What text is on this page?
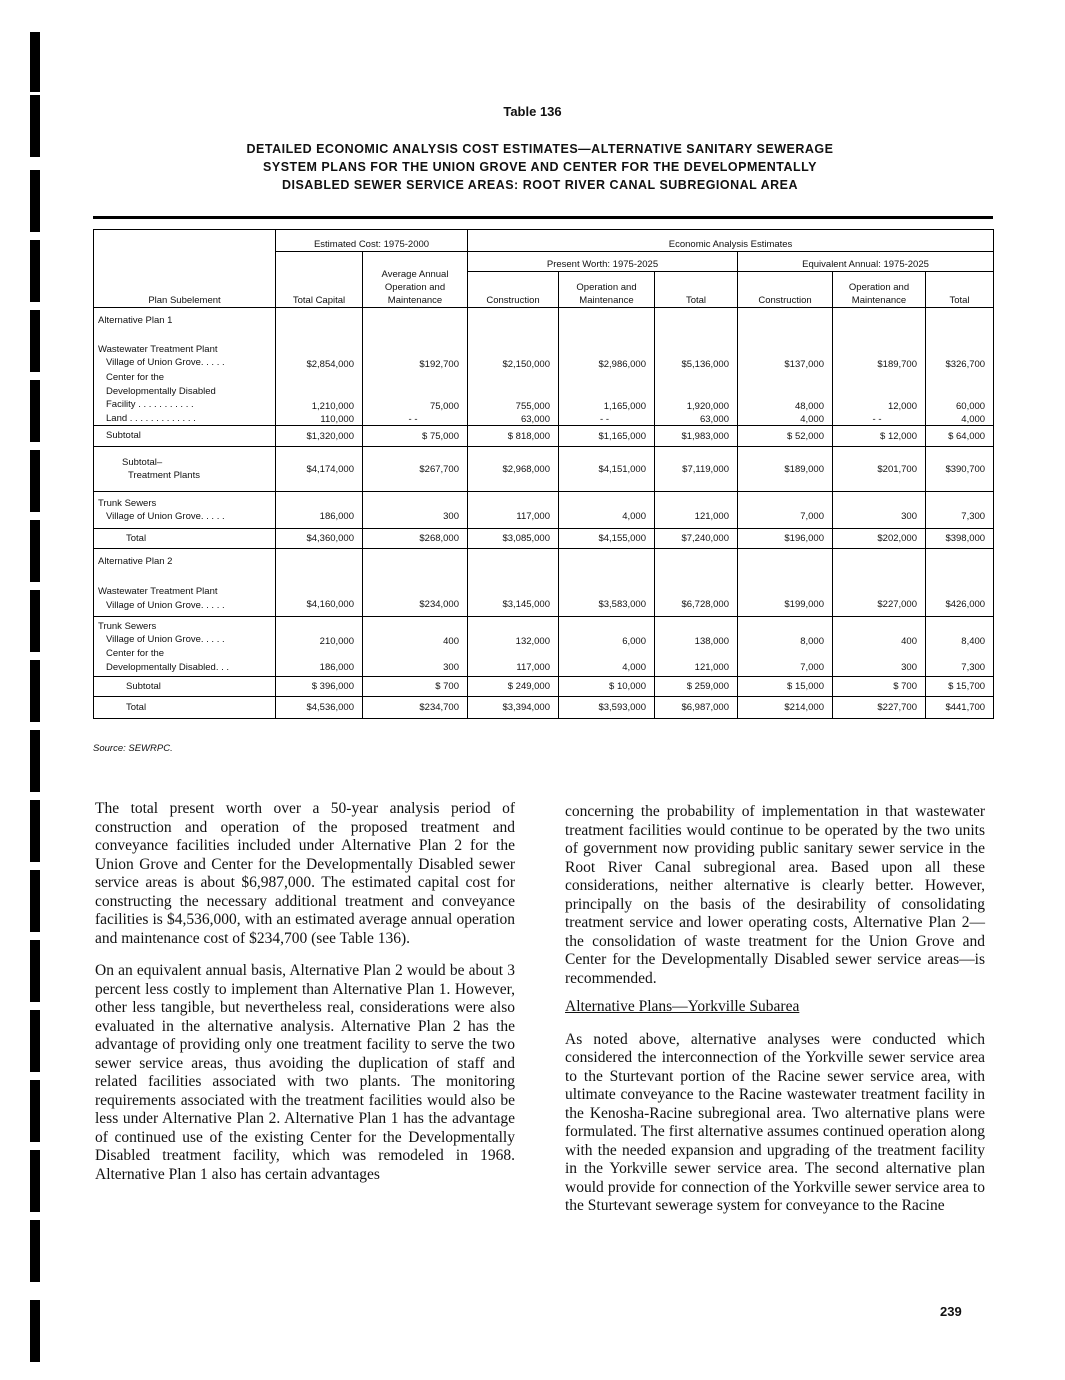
Table 136
DETAILED ECONOMIC ANALYSIS COST ESTIMATES—ALTERNATIVE SANITARY SEWERAGE
SYSTEM PLANS FOR THE UNION GROVE AND CENTER FOR THE DEVELOPMENTALLY
DISABLED SEWER SERVICE AREAS: ROOT RIVER CANAL SUBREGIONAL AREA
Plan Subelement	Estimated Cost: 1975-2000		Economic Analysis Estimates					
	Total Capital	Average Annual Operation and Maintenance	Present Worth: 1975-2025			Equivalent Annual: 1975-2025		
			Construction	Operation and Maintenance	Total	Construction	Operation and Maintenance	Total
Alternative Plan 1								
Wastewater Treatment Plant
Village of Union Grove. . . . .	$2,854,000	$192,700	$2,150,000	$2,986,000	$5,136,000	$137,000	$189,700	$326,700

Center for the
Developmentally Disabled
Facility . . . . . . . . . . .	1,210,000	75,000	755,000	1,165,000	1,920,000	48,000	12,000	60,000

Land . . . . . . . . . . . . .	110,000	- -	63,000	- -	63,000	4,000	- -	4,000

Subtotal	$1,320,000	$ 75,000	$ 818,000	$1,165,000	$1,983,000	$ 52,000	$ 12,000	$ 64,000

Subtotal–
Treatment Plants	$4,174,000	$267,700	$2,968,000	$4,151,000	$7,119,000	$189,000	$201,700	$390,700
Trunk Sewers
Village of Union Grove. . . . .	186,000	300	117,000	4,000	121,000	7,000	300	7,300

Total	$4,360,000	$268,000	$3,085,000	$4,155,000	$7,240,000	$196,000	$202,000	$398,000
Alternative Plan 2								
Wastewater Treatment Plant
Village of Union Grove. . . . .	$4,160,000	$234,000	$3,145,000	$3,583,000	$6,728,000	$199,000	$227,000	$426,000
Trunk Sewers
Village of Union Grove. . . . .	210,000	400	132,000	6,000	138,000	8,000	400	8,400

Center for the
Developmentally Disabled. . .	186,000	300	117,000	4,000	121,000	7,000	300	7,300

Subtotal	$ 396,000	$ 700	$ 249,000	$ 10,000	$ 259,000	$ 15,000	$ 700	$ 15,700

Total	$4,536,000	$234,700	$3,394,000	$3,593,000	$6,987,000	$214,000	$227,700	$441,700
Source: SEWRPC.

The total present worth over a 50-year analysis period of construction and operation of the proposed treatment and conveyance facilities included under Alternative Plan 2 for the Union Grove and Center for the Developmentally Disabled sewer service areas is about $6,987,000. The estimated capital cost for constructing the necessary additional treatment and conveyance facilities is $4,536,000, with an estimated average annual operation and maintenance cost of $234,700 (see Table 136).

On an equivalent annual basis, Alternative Plan 2 would be about 3 percent less costly to implement than Alternative Plan 1. However, other less tangible, but nevertheless real, considerations were also evaluated in the alternative analysis. Alternative Plan 2 has the advantage of providing only one treatment facility to serve the two sewer service areas, thus avoiding the duplication of staff and related facilities associated with two plants. The monitoring requirements associated with the treatment facilities would also be less under Alternative Plan 2. Alternative Plan 1 has the advantage of continued use of the existing Center for the Developmentally Disabled treatment facility, which was remodeled in 1968. Alternative Plan 1 also has certain advantages

concerning the probability of implementation in that wastewater treatment facilities would continue to be operated by the two units of government now providing public sanitary sewer service in the Root River Canal subregional area. Based upon all these considerations, neither alternative is clearly better. However, principally on the basis of the desirability of consolidating treatment service and lower operating costs, Alternative Plan 2—the consolidation of waste treatment for the Union Grove and Center for the Developmentally Disabled sewer service areas—is recommended.

Alternative Plans—Yorkville Subarea

As noted above, alternative analyses were conducted which considered the interconnection of the Yorkville sewer service area to the Sturtevant portion of the Racine sewer service area, with ultimate conveyance to the Racine wastewater treatment facility in the Kenosha-Racine subregional area. Two alternative plans were formulated. The first alternative assumes continued operation along with the needed expansion and upgrading of the treatment facility in the Yorkville sewer service area. The second alternative plan would provide for connection of the Yorkville sewer service area to the Sturtevant sewerage system for conveyance to the Racine

239
